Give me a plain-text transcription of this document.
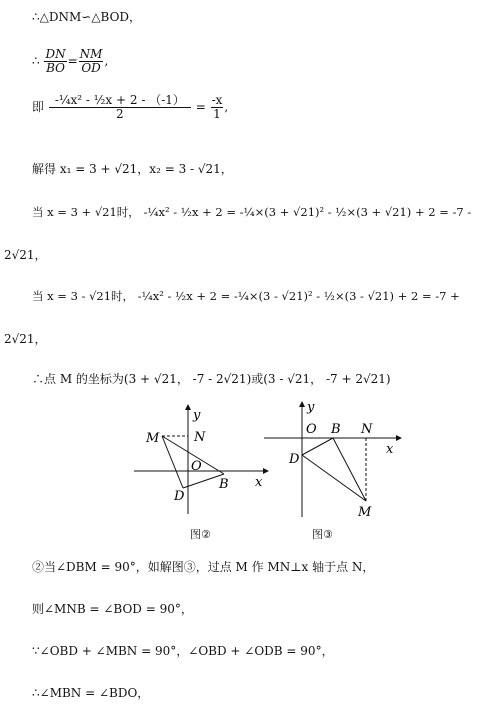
∴△DNM∽△BOD，
∴ $\frac{DN}{BO} = \frac{NM}{OD}$ ,
即 $\frac{\text{-¼x² - ½x + 2 - （-1）}}{2} = \frac{-x}{1}$ ,
解得 x₁ = 3 + √21，x₂ = 3 - √21，
当 x = 3 + √21时， -¼x² - ½x + 2 = -¼×(3 + √21)² - ½×(3 + √21) + 2 = -7 -
2√21，
当 x = 3 - √21时， -¼x² - ½x + 2 = -¼×(3 - √21)² - ½×(3 - √21) + 2 = -7 +
2√21，
∴点 M 的坐标为(3 + √21， -7 - 2√21)或(3 - √21， -7 + 2√21)
y
x
M	N
O
D
B
y
x
O B N
D
M
图②	图③
②当∠DBM = 90°，如解图③，过点 M 作 MN⊥x 轴于点 N，
则∠MNB = ∠BOD = 90°，
∵∠OBD + ∠MBN = 90°，∠OBD + ∠ODB = 90°，
∴∠MBN = ∠BDO，
